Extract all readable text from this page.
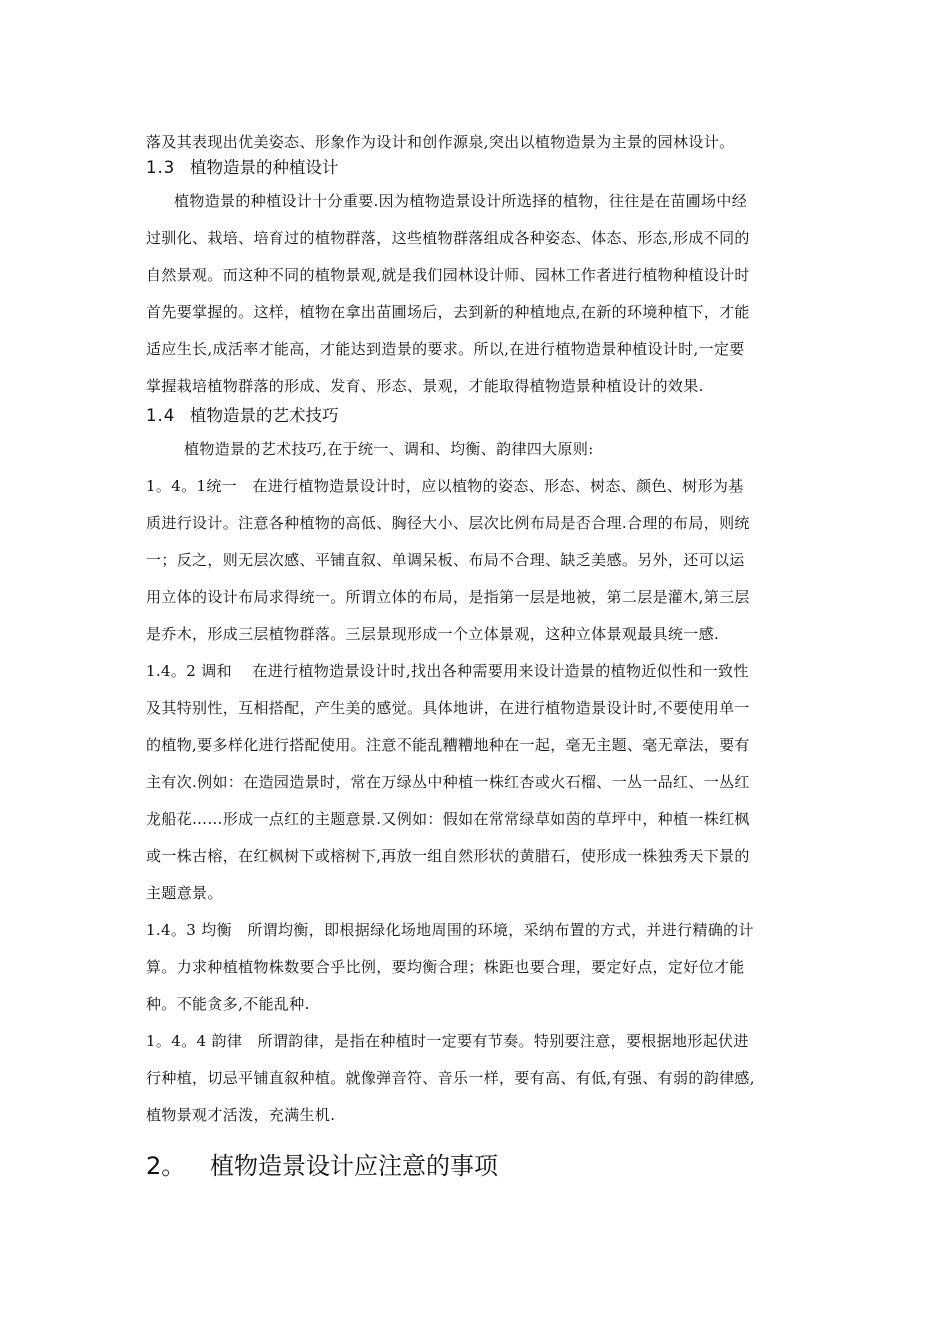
落及其表现出优美姿态、形象作为设计和创作源泉,突出以植物造景为主景的园林设计。
1.3 植物造景的种植设计
植物造景的种植设计十分重要.因为植物造景设计所选择的植物，往往是在苗圃场中经
过驯化、栽培、培育过的植物群落，这些植物群落组成各种姿态、体态、形态,形成不同的
自然景观。而这种不同的植物景观,就是我们园林设计师、园林工作者进行植物种植设计时
首先要掌握的。这样，植物在拿出苗圃场后，去到新的种植地点,在新的环境种植下，才能
适应生长,成活率才能高，才能达到造景的要求。所以,在进行植物造景种植设计时,一定要
掌握栽培植物群落的形成、发育、形态、景观，才能取得植物造景种植设计的效果.
1.4 植物造景的艺术技巧
植物造景的艺术技巧,在于统一、调和、均衡、韵律四大原则:
1。4。1统一　在进行植物造景设计时，应以植物的姿态、形态、树态、颜色、树形为基
质进行设计。注意各种植物的高低、胸径大小、层次比例布局是否合理.合理的布局，则统
一；反之，则无层次感、平铺直叙、单调呆板、布局不合理、缺乏美感。另外，还可以运
用立体的设计布局求得统一。所谓立体的布局，是指第一层是地被，第二层是灌木,第三层
是乔木，形成三层植物群落。三层景现形成一个立体景观，这种立体景观最具统一感.
1.4。2 调和　 在进行植物造景设计时,找出各种需要用来设计造景的植物近似性和一致性
及其特别性，互相搭配，产生美的感觉。具体地讲，在进行植物造景设计时,不要使用单一
的植物,要多样化进行搭配使用。注意不能乱糟糟地种在一起，毫无主题、毫无章法，要有
主有次.例如：在造园造景时，常在万绿丛中种植一株红杏或火石榴、一丛一品红、一丛红
龙船花……形成一点红的主题意景.又例如：假如在常常绿草如茵的草坪中，种植一株红枫
或一株古榕，在红枫树下或榕树下,再放一组自然形状的黄腊石，使形成一株独秀天下景的
主题意景。
1.4。3 均衡　所谓均衡，即根据绿化场地周围的环境，采纳布置的方式，并进行精确的计
算。力求种植植物株数要合乎比例，要均衡合理；株距也要合理，要定好点，定好位才能
种。不能贪多,不能乱种.
1。4。4 韵律　所谓韵律，是指在种植时一定要有节奏。特别要注意，要根据地形起伏进
行种植，切忌平铺直叙种植。就像弹音符、音乐一样，要有高、有低,有强、有弱的韵律感,
植物景观才活泼，充满生机.
2。 植物造景设计应注意的事项
